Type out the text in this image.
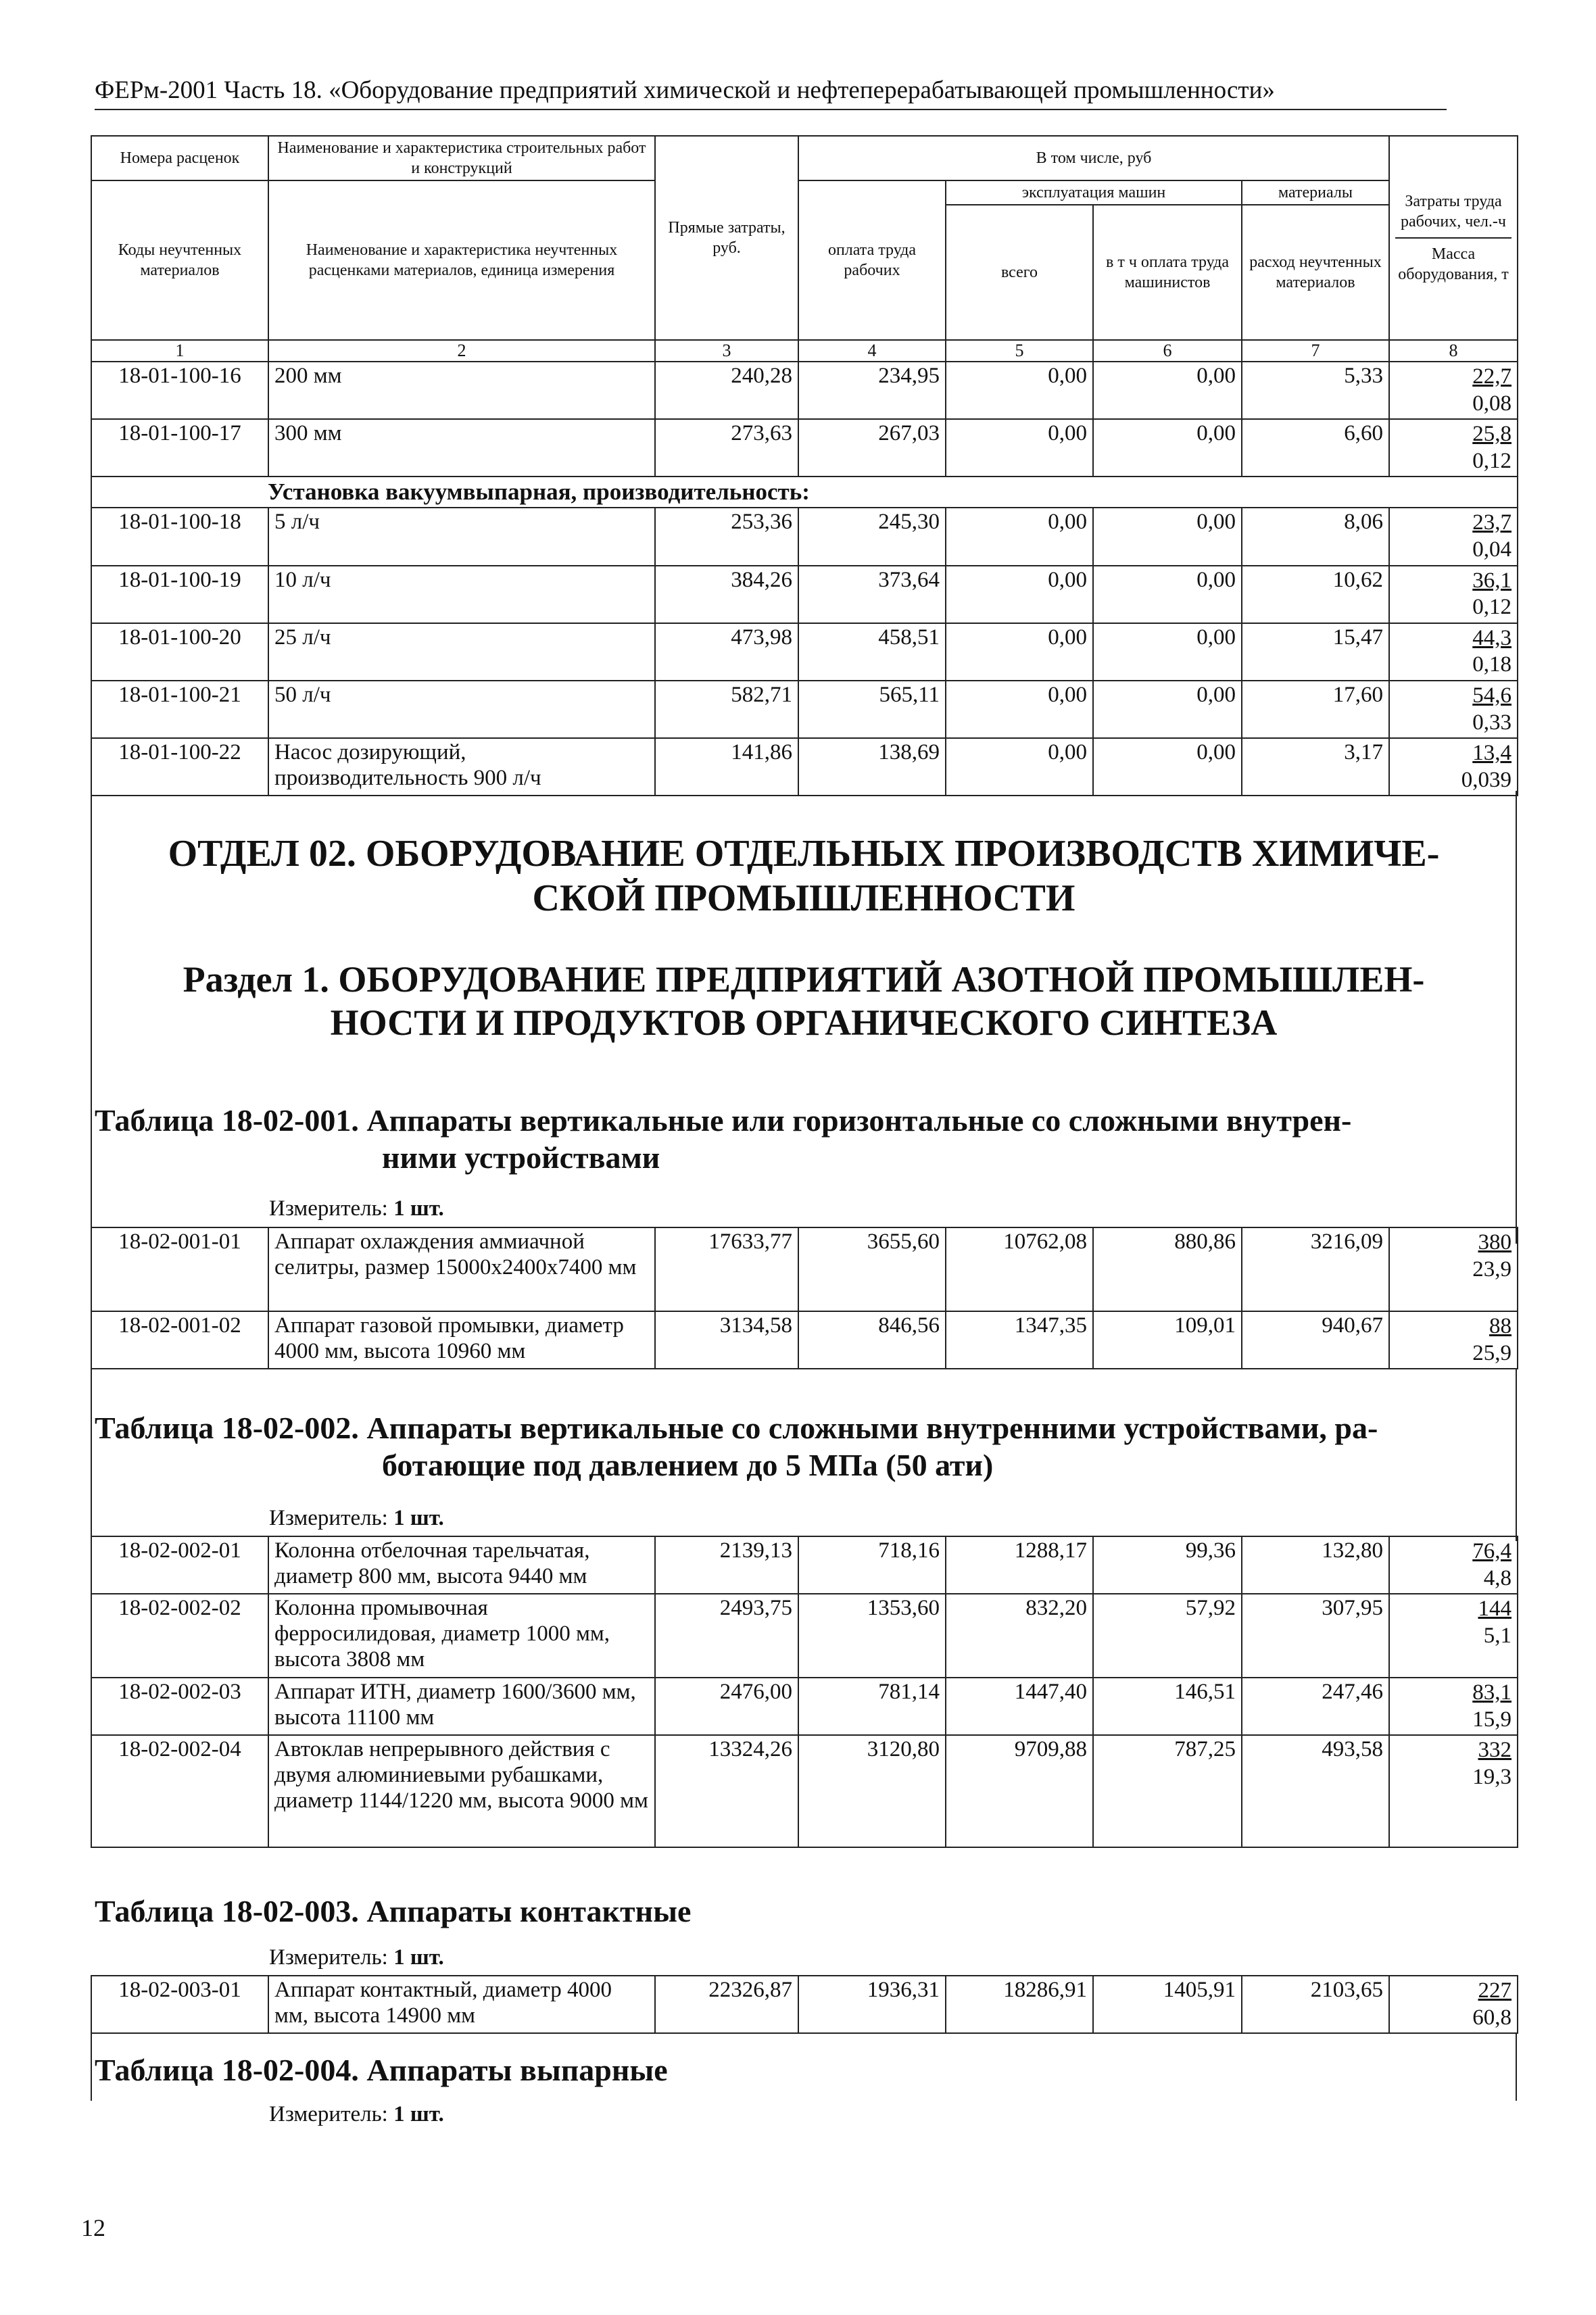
ФЕРм-2001 Часть 18. «Оборудование предприятий химической и нефтеперерабатывающей промышленности»
Номера расценок	Наименование и характеристика строительных работ и конструкций	Прямые затраты, руб.	В том числе, руб				Затраты труда рабочих, чел.-ч
Масса оборудования, т
Коды неучтенных материалов	Наименование и характеристика неучтенных расценками материалов, единица измерения		оплата труда рабочих	эксплуатация машин		материалы	
				всего	в т ч оплата труда машинистов	расход неучтенных материалов	
1	2	3	4	5	6	7	8
18-01-100-16	200 мм	240,28	234,95	0,00	0,00	5,33	22,7
0,08
18-01-100-17	300 мм	273,63	267,03	0,00	0,00	6,60	25,8
0,12
Установка вакуумвыпарная, производительность:							
18-01-100-18	5 л/ч	253,36	245,30	0,00	0,00	8,06	23,7
0,04
18-01-100-19	10 л/ч	384,26	373,64	0,00	0,00	10,62	36,1
0,12
18-01-100-20	25 л/ч	473,98	458,51	0,00	0,00	15,47	44,3
0,18
18-01-100-21	50 л/ч	582,71	565,11	0,00	0,00	17,60	54,6
0,33
18-01-100-22	Насос дозирующий, производительность 900 л/ч	141,86	138,69	0,00	0,00	3,17	13,4
0,039
ОТДЕЛ 02. ОБОРУДОВАНИЕ ОТДЕЛЬНЫХ ПРОИЗВОДСТВ ХИМИЧЕ-
СКОЙ ПРОМЫШЛЕННОСТИ
Раздел 1. ОБОРУДОВАНИЕ ПРЕДПРИЯТИЙ АЗОТНОЙ ПРОМЫШЛЕН-
НОСТИ И ПРОДУКТОВ ОРГАНИЧЕСКОГО СИНТЕЗА
Таблица 18-02-001. Аппараты вертикальные или горизонтальные со сложными внутрен-
ними устройствами
Измеритель: 1 шт.
18-02-001-01	Аппарат охлаждения аммиачной селитры, размер 15000х2400х7400 мм	17633,77	3655,60	10762,08	880,86	3216,09	380
23,9
18-02-001-02	Аппарат газовой промывки, диаметр 4000 мм, высота 10960 мм	3134,58	846,56	1347,35	109,01	940,67	88
25,9
Таблица 18-02-002. Аппараты вертикальные со сложными внутренними устройствами, ра-
ботающие под давлением до 5 МПа (50 ати)
Измеритель: 1 шт.
18-02-002-01	Колонна отбелочная тарельчатая, диаметр 800 мм, высота 9440 мм	2139,13	718,16	1288,17	99,36	132,80	76,4
4,8
18-02-002-02	Колонна промывочная ферросилидовая, диаметр 1000 мм, высота 3808 мм	2493,75	1353,60	832,20	57,92	307,95	144
5,1
18-02-002-03	Аппарат ИТН, диаметр 1600/3600 мм, высота 11100 мм	2476,00	781,14	1447,40	146,51	247,46	83,1
15,9
18-02-002-04	Автоклав непрерывного действия с двумя алюминиевыми рубашками, диаметр 1144/1220 мм, высота 9000 мм	13324,26	3120,80	9709,88	787,25	493,58	332
19,3
Таблица 18-02-003. Аппараты контактные
Измеритель: 1 шт.
18-02-003-01	Аппарат контактный, диаметр 4000 мм, высота 14900 мм	22326,87	1936,31	18286,91	1405,91	2103,65	227
60,8
Таблица 18-02-004. Аппараты выпарные
Измеритель: 1 шт.
12
